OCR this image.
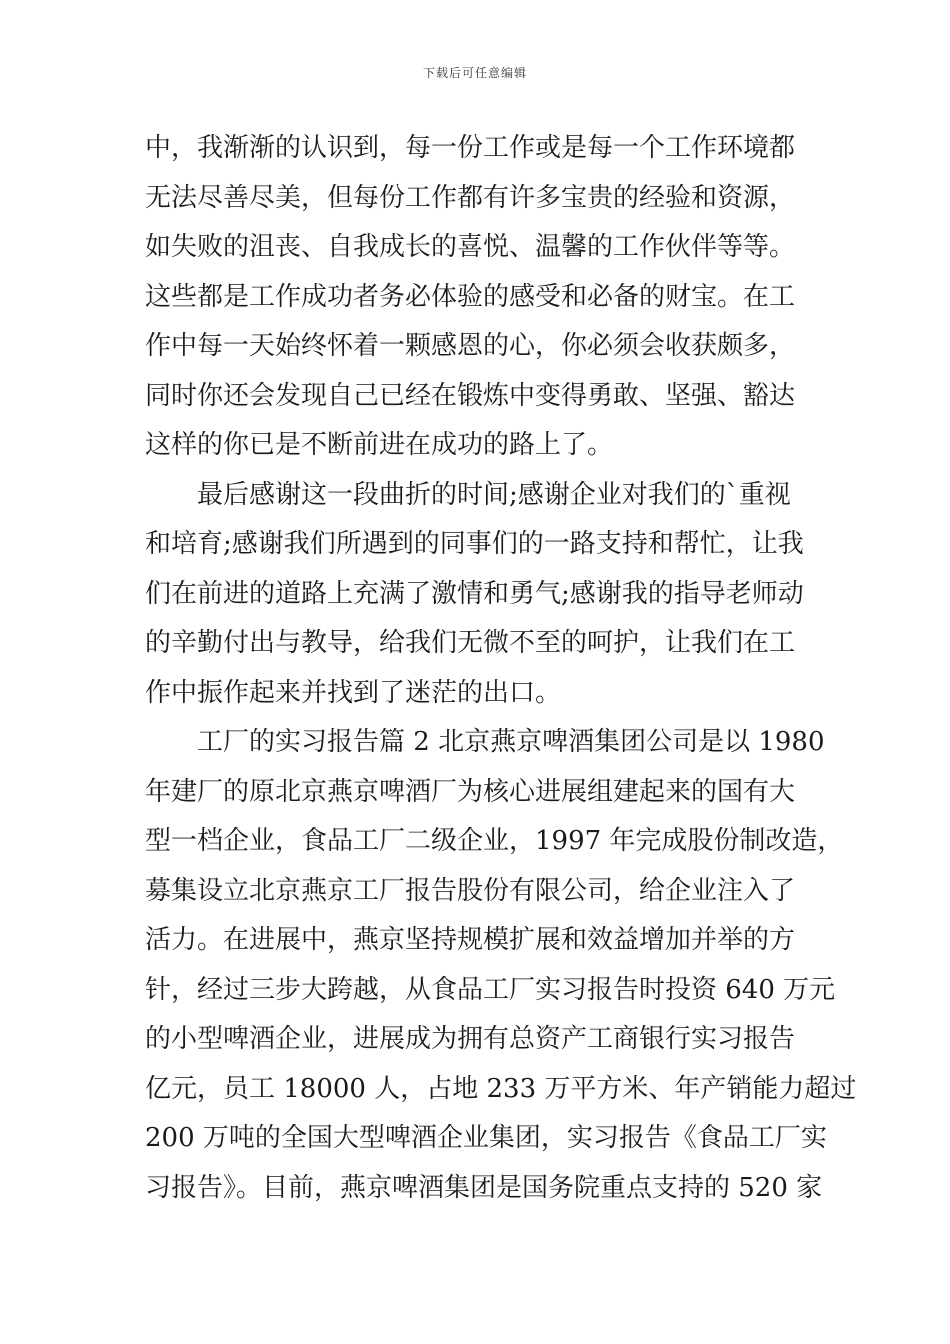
下载后可任意编辑

中，我渐渐的认识到，每一份工作或是每一个工作环境都
无法尽善尽美，但每份工作都有许多宝贵的经验和资源，
如失败的沮丧、自我成长的喜悦、温馨的工作伙伴等等。
这些都是工作成功者务必体验的感受和必备的财宝。在工
作中每一天始终怀着一颗感恩的心，你必须会收获颇多，
同时你还会发现自己已经在锻炼中变得勇敢、坚强、豁达
这样的你已是不断前进在成功的路上了。

最后感谢这一段曲折的时间;感谢企业对我们的`重视
和培育;感谢我们所遇到的同事们的一路支持和帮忙，让我
们在前进的道路上充满了激情和勇气;感谢我的指导老师动
的辛勤付出与教导，给我们无微不至的呵护，让我们在工
作中振作起来并找到了迷茫的出口。

工厂的实习报告篇 2 北京燕京啤酒集团公司是以 1980
年建厂的原北京燕京啤酒厂为核心进展组建起来的国有大
型一档企业，食品工厂二级企业，1997 年完成股份制改造，
募集设立北京燕京工厂报告股份有限公司，给企业注入了
活力。在进展中，燕京坚持规模扩展和效益增加并举的方
针，经过三步大跨越，从食品工厂实习报告时投资 640 万元
的小型啤酒企业，进展成为拥有总资产工商银行实习报告
亿元，员工 18000 人，占地 233 万平方米、年产销能力超过
200 万吨的全国大型啤酒企业集团，实习报告《食品工厂实
习报告》。目前，燕京啤酒集团是国务院重点支持的 520 家
